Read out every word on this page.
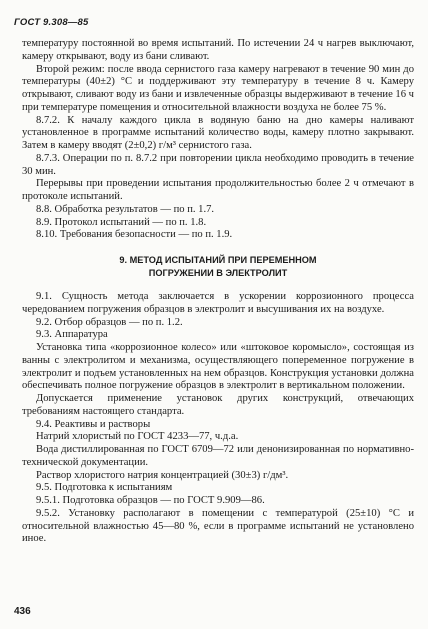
ГОСТ 9.308—85

температуру постоянной во время испытаний. По истечении 24 ч нагрев выключают, камеру открывают, воду из бани сливают.

Второй режим: после ввода сернистого газа камеру нагревают в течение 90 мин до температуры (40±2) °С и поддерживают эту температуру в течение 8 ч. Камеру открывают, сливают воду из бани и извлеченные образцы выдерживают в течение 16 ч при температуре помещения и относительной влажности воздуха не более 75 %.

8.7.2. К началу каждого цикла в водяную баню на дно камеры наливают установленное в программе испытаний количество воды, камеру плотно закрывают. Затем в камеру вводят (2±0,2) г/м³ сернистого газа.

8.7.3. Операции по п. 8.7.2 при повторении цикла необходимо проводить в течение 30 мин.

Перерывы при проведении испытания продолжительностью более 2 ч отмечают в протоколе испытаний.

8.8. Обработка результатов — по п. 1.7.

8.9. Протокол испытаний — по п. 1.8.

8.10. Требования безопасности — по п. 1.9.

9. МЕТОД ИСПЫТАНИЙ ПРИ ПЕРЕМЕННОМ

ПОГРУЖЕНИИ В ЭЛЕКТРОЛИТ

9.1. Сущность метода заключается в ускорении коррозионного процесса чередованием погружения образцов в электролит и высушивания их на воздухе.

9.2. Отбор образцов — по п. 1.2.

9.3. Аппаратура

Установка типа «коррозионное колесо» или «штоковое коромысло», состоящая из ванны с электролитом и механизма, осуществляющего попеременное погружение в электролит и подъем установленных на нем образцов. Конструкция установки должна обеспечивать полное погружение образцов в электролит в вертикальном положении.

Допускается применение установок других конструкций, отвечающих требованиям настоящего стандарта.

9.4. Реактивы и растворы

Натрий хлористый по ГОСТ 4233—77, ч.д.а.

Вода дистиллированная по ГОСТ 6709—72 или денонизированная по нормативно-технической документации.

Раствор хлористого натрия концентрацией (30±3) г/дм³.

9.5. Подготовка к испытаниям

9.5.1. Подготовка образцов — по ГОСТ 9.909—86.

9.5.2. Установку располагают в помещении с температурой (25±10) °С и относительной влажностью 45—80 %, если в программе испытаний не установлено иное.

436
